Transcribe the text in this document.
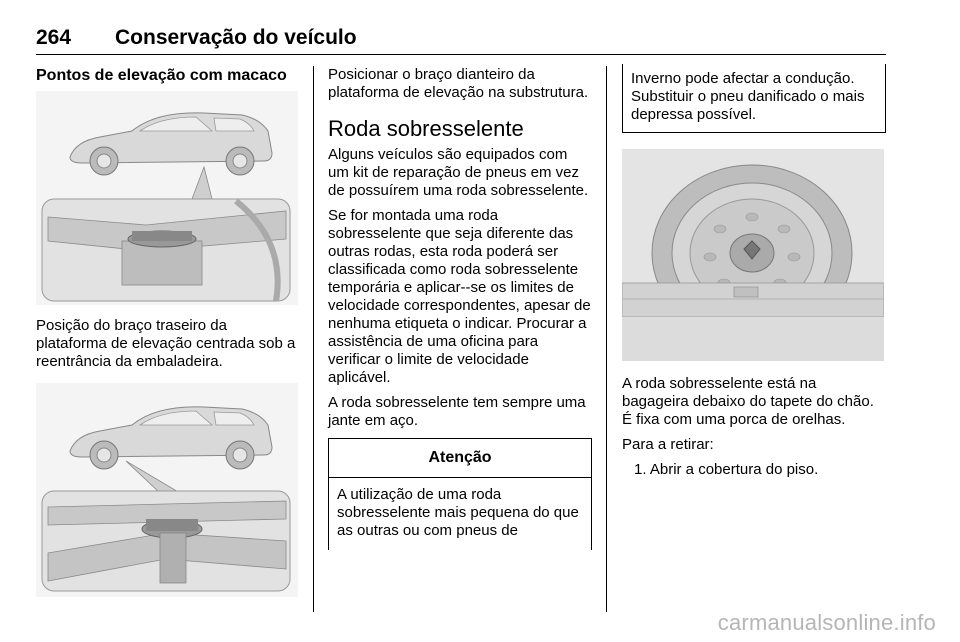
264 Conservação do veículo
Pontos de elevação com macaco

Posição do braço traseiro da plataforma de elevação centrada sob a reentrância da embaladeira.

Posicionar o braço dianteiro da plataforma de elevação na substrutura.

Roda sobresselente

Alguns veículos são equipados com um kit de reparação de pneus em vez de possuírem uma roda sobresselente.

Se for montada uma roda sobresselente que seja diferente das outras rodas, esta roda poderá ser classificada como roda sobresselente temporária e aplicar--se os limites de velocidade correspondentes, apesar de nenhuma etiqueta o indicar. Procurar a assistência de uma oficina para verificar o limite de velocidade aplicável.

A roda sobresselente tem sempre uma jante em aço.

Atenção
A utilização de uma roda sobresselente mais pequena do que as outras ou com pneus de
Inverno pode afectar a condução. Substituir o pneu danificado o mais depressa possível.

A roda sobresselente está na bagageira debaixo do tapete do chão. É fixa com uma porca de orelhas.

Para a retirar:

1. Abrir a cobertura do piso.
carmanualsonline.info
